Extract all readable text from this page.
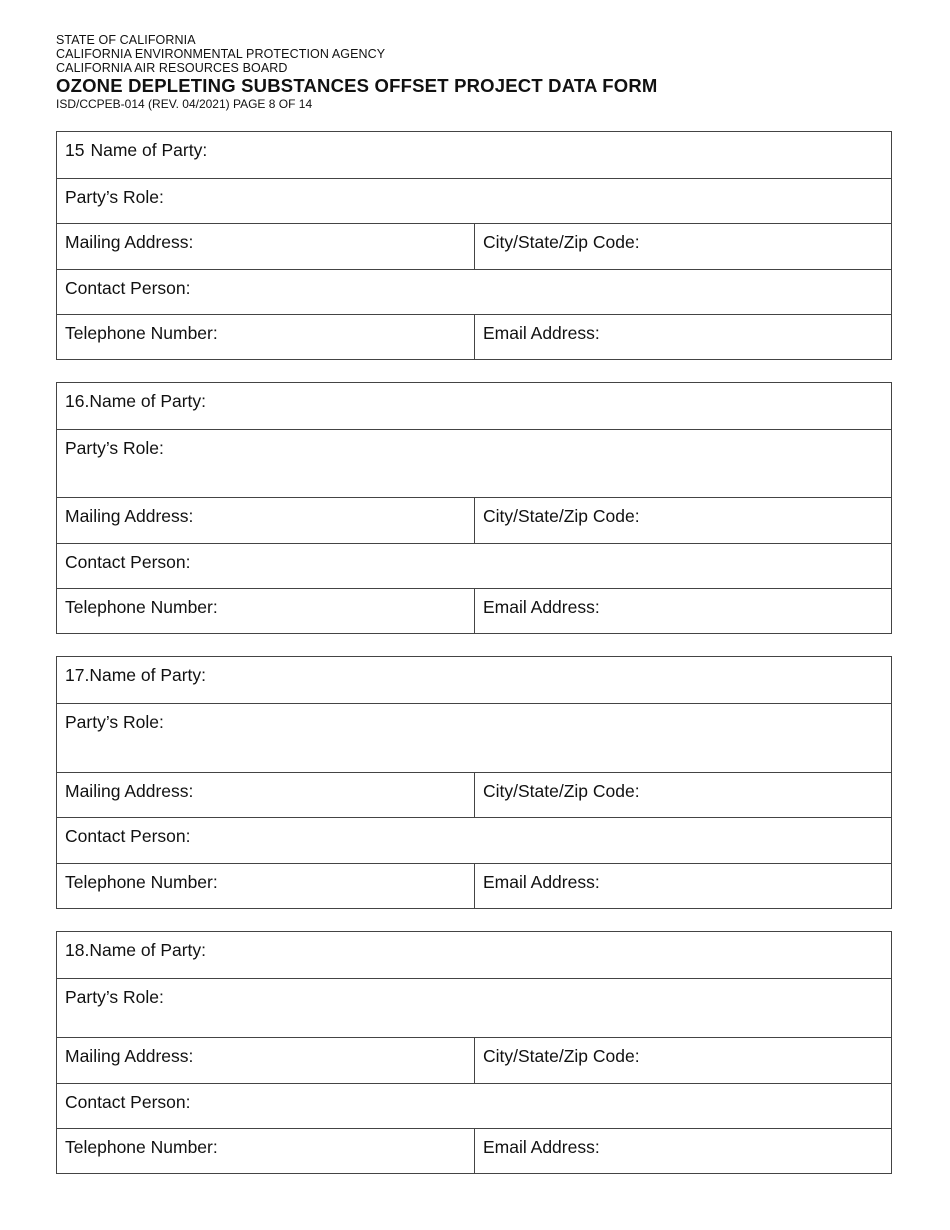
STATE OF CALIFORNIA
CALIFORNIA ENVIRONMENTAL PROTECTION AGENCY
CALIFORNIA AIR RESOURCES BOARD
OZONE DEPLETING SUBSTANCES OFFSET PROJECT DATA FORM
ISD/CCPEB-014 (REV. 04/2021) PAGE 8 OF 14
15 Name of Party:
Party’s Role:
Mailing Address:	City/State/Zip Code:
Contact Person:
Telephone Number:	Email Address:
16.Name of Party:
Party’s Role:
Mailing Address:	City/State/Zip Code:
Contact Person:
Telephone Number:	Email Address:
17.Name of Party:
Party’s Role:
Mailing Address:	City/State/Zip Code:
Contact Person:
Telephone Number:	Email Address:
18.Name of Party:
Party’s Role:
Mailing Address:	City/State/Zip Code:
Contact Person:
Telephone Number:	Email Address:
